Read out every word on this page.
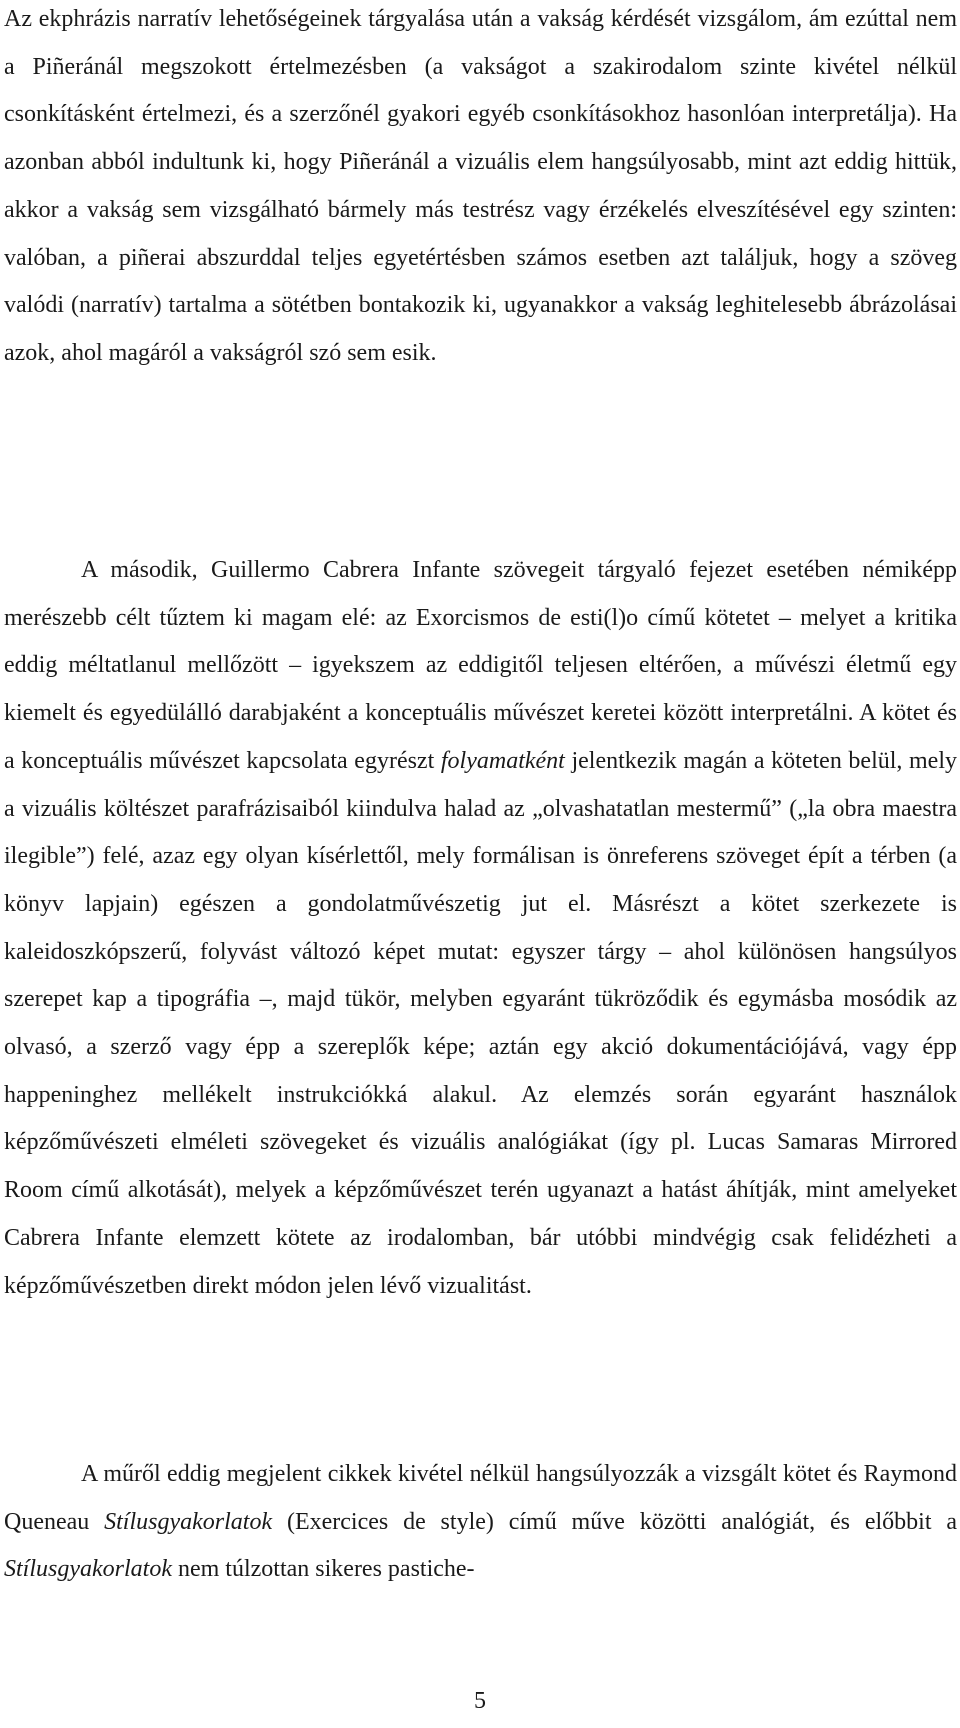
Az ekphrázis narratív lehetőségeinek tárgyalása után a vakság kérdését vizsgálom, ám ezúttal nem a Piñeránál megszokott értelmezésben (a vakságot a szakirodalom szinte kivétel nélkül csonkításként értelmezi, és a szerzőnél gyakori egyéb csonkításokhoz hasonlóan interpretálja). Ha azonban abból indultunk ki, hogy Piñeránál a vizuális elem hangsúlyosabb, mint azt eddig hittük, akkor a vakság sem vizsgálható bármely más testrész vagy érzékelés elveszítésével egy szinten: valóban, a piñerai abszurddal teljes egyetértésben számos esetben azt találjuk, hogy a szöveg valódi (narratív) tartalma a sötétben bontakozik ki, ugyanakkor a vakság leghitelesebb ábrázolásai azok, ahol magáról a vakságról szó sem esik.

A második, Guillermo Cabrera Infante szövegeit tárgyaló fejezet esetében némiképp merészebb célt tűztem ki magam elé: az Exorcismos de esti(l)o című kötetet – melyet a kritika eddig méltatlanul mellőzött – igyekszem az eddigitől teljesen eltérően, a művészi életmű egy kiemelt és egyedülálló darabjaként a konceptuális művészet keretei között interpretálni. A kötet és a konceptuális művészet kapcsolata egyrészt folyamatként jelentkezik magán a köteten belül, mely a vizuális költészet parafrázisaiból kiindulva halad az „olvashatatlan mestermű” („la obra maestra ilegible”) felé, azaz egy olyan kísérlettől, mely formálisan is önreferens szöveget épít a térben (a könyv lapjain) egészen a gondolatművészetig jut el. Másrészt a kötet szerkezete is kaleidoszkópszerű, folyvást változó képet mutat: egyszer tárgy – ahol különösen hangsúlyos szerepet kap a tipográfia –, majd tükör, melyben egyaránt tükröződik és egymásba mosódik az olvasó, a szerző vagy épp a szereplők képe; aztán egy akció dokumentációjává, vagy épp happeninghez mellékelt instrukciókká alakul. Az elemzés során egyaránt használok képzőművészeti elméleti szövegeket és vizuális analógiákat (így pl. Lucas Samaras Mirrored Room című alkotását), melyek a képzőművészet terén ugyanazt a hatást áhítják, mint amelyeket Cabrera Infante elemzett kötete az irodalomban, bár utóbbi mindvégig csak felidézheti a képzőművészetben direkt módon jelen lévő vizualitást.

A műről eddig megjelent cikkek kivétel nélkül hangsúlyozzák a vizsgált kötet és Raymond Queneau Stílusgyakorlatok (Exercices de style) című műve közötti analógiát, és előbbit a Stílusgyakorlatok nem túlzottan sikeres pastiche-

5
